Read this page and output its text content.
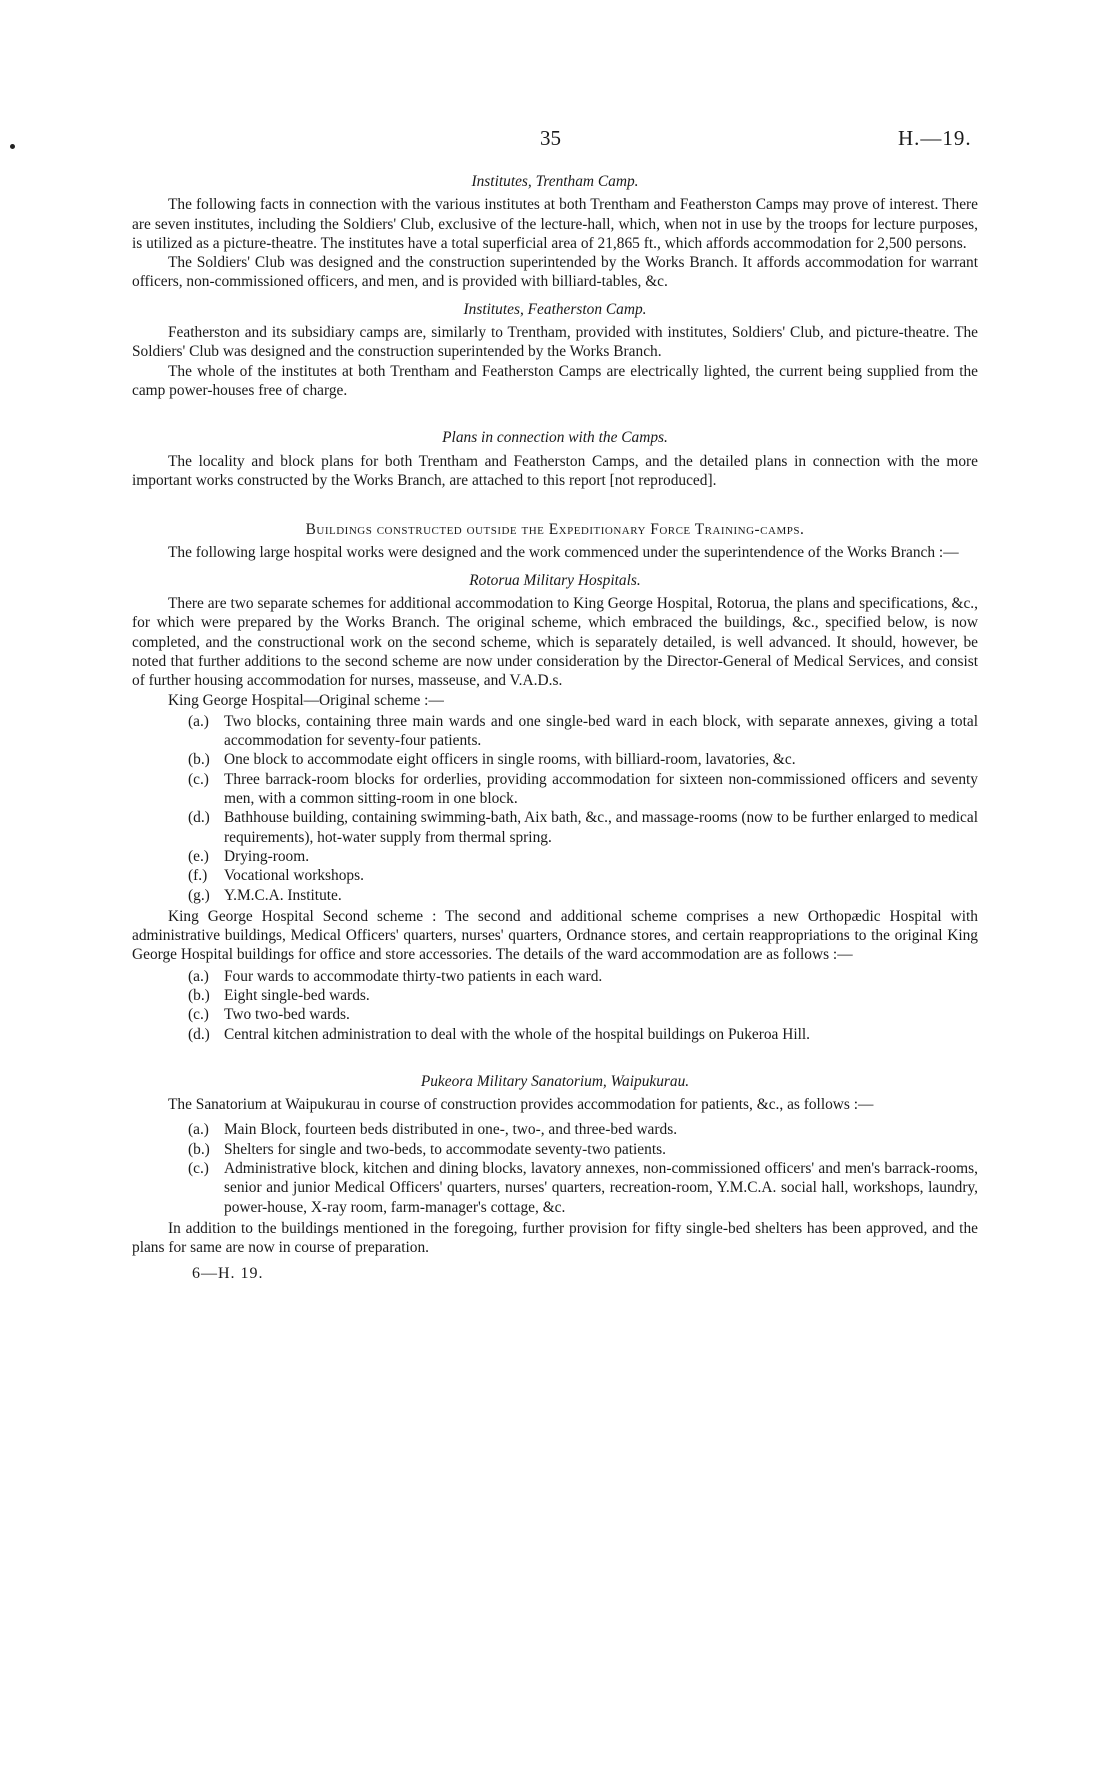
35	H.—19.
Institutes, Trentham Camp.

The following facts in connection with the various institutes at both Trentham and Featherston Camps may prove of interest. There are seven institutes, including the Soldiers' Club, exclusive of the lecture-hall, which, when not in use by the troops for lecture purposes, is utilized as a picture-theatre. The institutes have a total superficial area of 21,865 ft., which affords accommodation for 2,500 persons.

The Soldiers' Club was designed and the construction superintended by the Works Branch. It affords accommodation for warrant officers, non-commissioned officers, and men, and is provided with billiard-tables, &c.

Institutes, Featherston Camp.

Featherston and its subsidiary camps are, similarly to Trentham, provided with institutes, Soldiers' Club, and picture-theatre. The Soldiers' Club was designed and the construction superintended by the Works Branch.

The whole of the institutes at both Trentham and Featherston Camps are electrically lighted, the current being supplied from the camp power-houses free of charge.

Plans in connection with the Camps.

The locality and block plans for both Trentham and Featherston Camps, and the detailed plans in connection with the more important works constructed by the Works Branch, are attached to this report [not reproduced].

Buildings constructed outside the Expeditionary Force Training-camps.

The following large hospital works were designed and the work commenced under the superintendence of the Works Branch :—

Rotorua Military Hospitals.

There are two separate schemes for additional accommodation to King George Hospital, Rotorua, the plans and specifications, &c., for which were prepared by the Works Branch. The original scheme, which embraced the buildings, &c., specified below, is now completed, and the constructional work on the second scheme, which is separately detailed, is well advanced. It should, however, be noted that further additions to the second scheme are now under consideration by the Director-General of Medical Services, and consist of further housing accommodation for nurses, masseuse, and V.A.D.s.

King George Hospital—Original scheme :—

(a.) Two blocks, containing three main wards and one single-bed ward in each block, with separate annexes, giving a total accommodation for seventy-four patients.
(b.) One block to accommodate eight officers in single rooms, with billiard-room, lavatories, &c.
(c.) Three barrack-room blocks for orderlies, providing accommodation for sixteen non-commissioned officers and seventy men, with a common sitting-room in one block.
(d.) Bathhouse building, containing swimming-bath, Aix bath, &c., and massage-rooms (now to be further enlarged to medical requirements), hot-water supply from thermal spring.
(e.) Drying-room.
(f.) Vocational workshops.
(g.) Y.M.C.A. Institute.

King George Hospital Second scheme : The second and additional scheme comprises a new Orthopædic Hospital with administrative buildings, Medical Officers' quarters, nurses' quarters, Ordnance stores, and certain reappropriations to the original King George Hospital buildings for office and store accessories. The details of the ward accommodation are as follows :—

(a.) Four wards to accommodate thirty-two patients in each ward.
(b.) Eight single-bed wards.
(c.) Two two-bed wards.
(d.) Central kitchen administration to deal with the whole of the hospital buildings on Pukeroa Hill.
Pukeora Military Sanatorium, Waipukurau.

The Sanatorium at Waipukurau in course of construction provides accommodation for patients, &c., as follows :—

(a.) Main Block, fourteen beds distributed in one-, two-, and three-bed wards.
(b.) Shelters for single and two-beds, to accommodate seventy-two patients.
(c.) Administrative block, kitchen and dining blocks, lavatory annexes, non-commissioned officers' and men's barrack-rooms, senior and junior Medical Officers' quarters, nurses' quarters, recreation-room, Y.M.C.A. social hall, workshops, laundry, power-house, X-ray room, farm-manager's cottage, &c.

In addition to the buildings mentioned in the foregoing, further provision for fifty single-bed shelters has been approved, and the plans for same are now in course of preparation.

6—H. 19.
